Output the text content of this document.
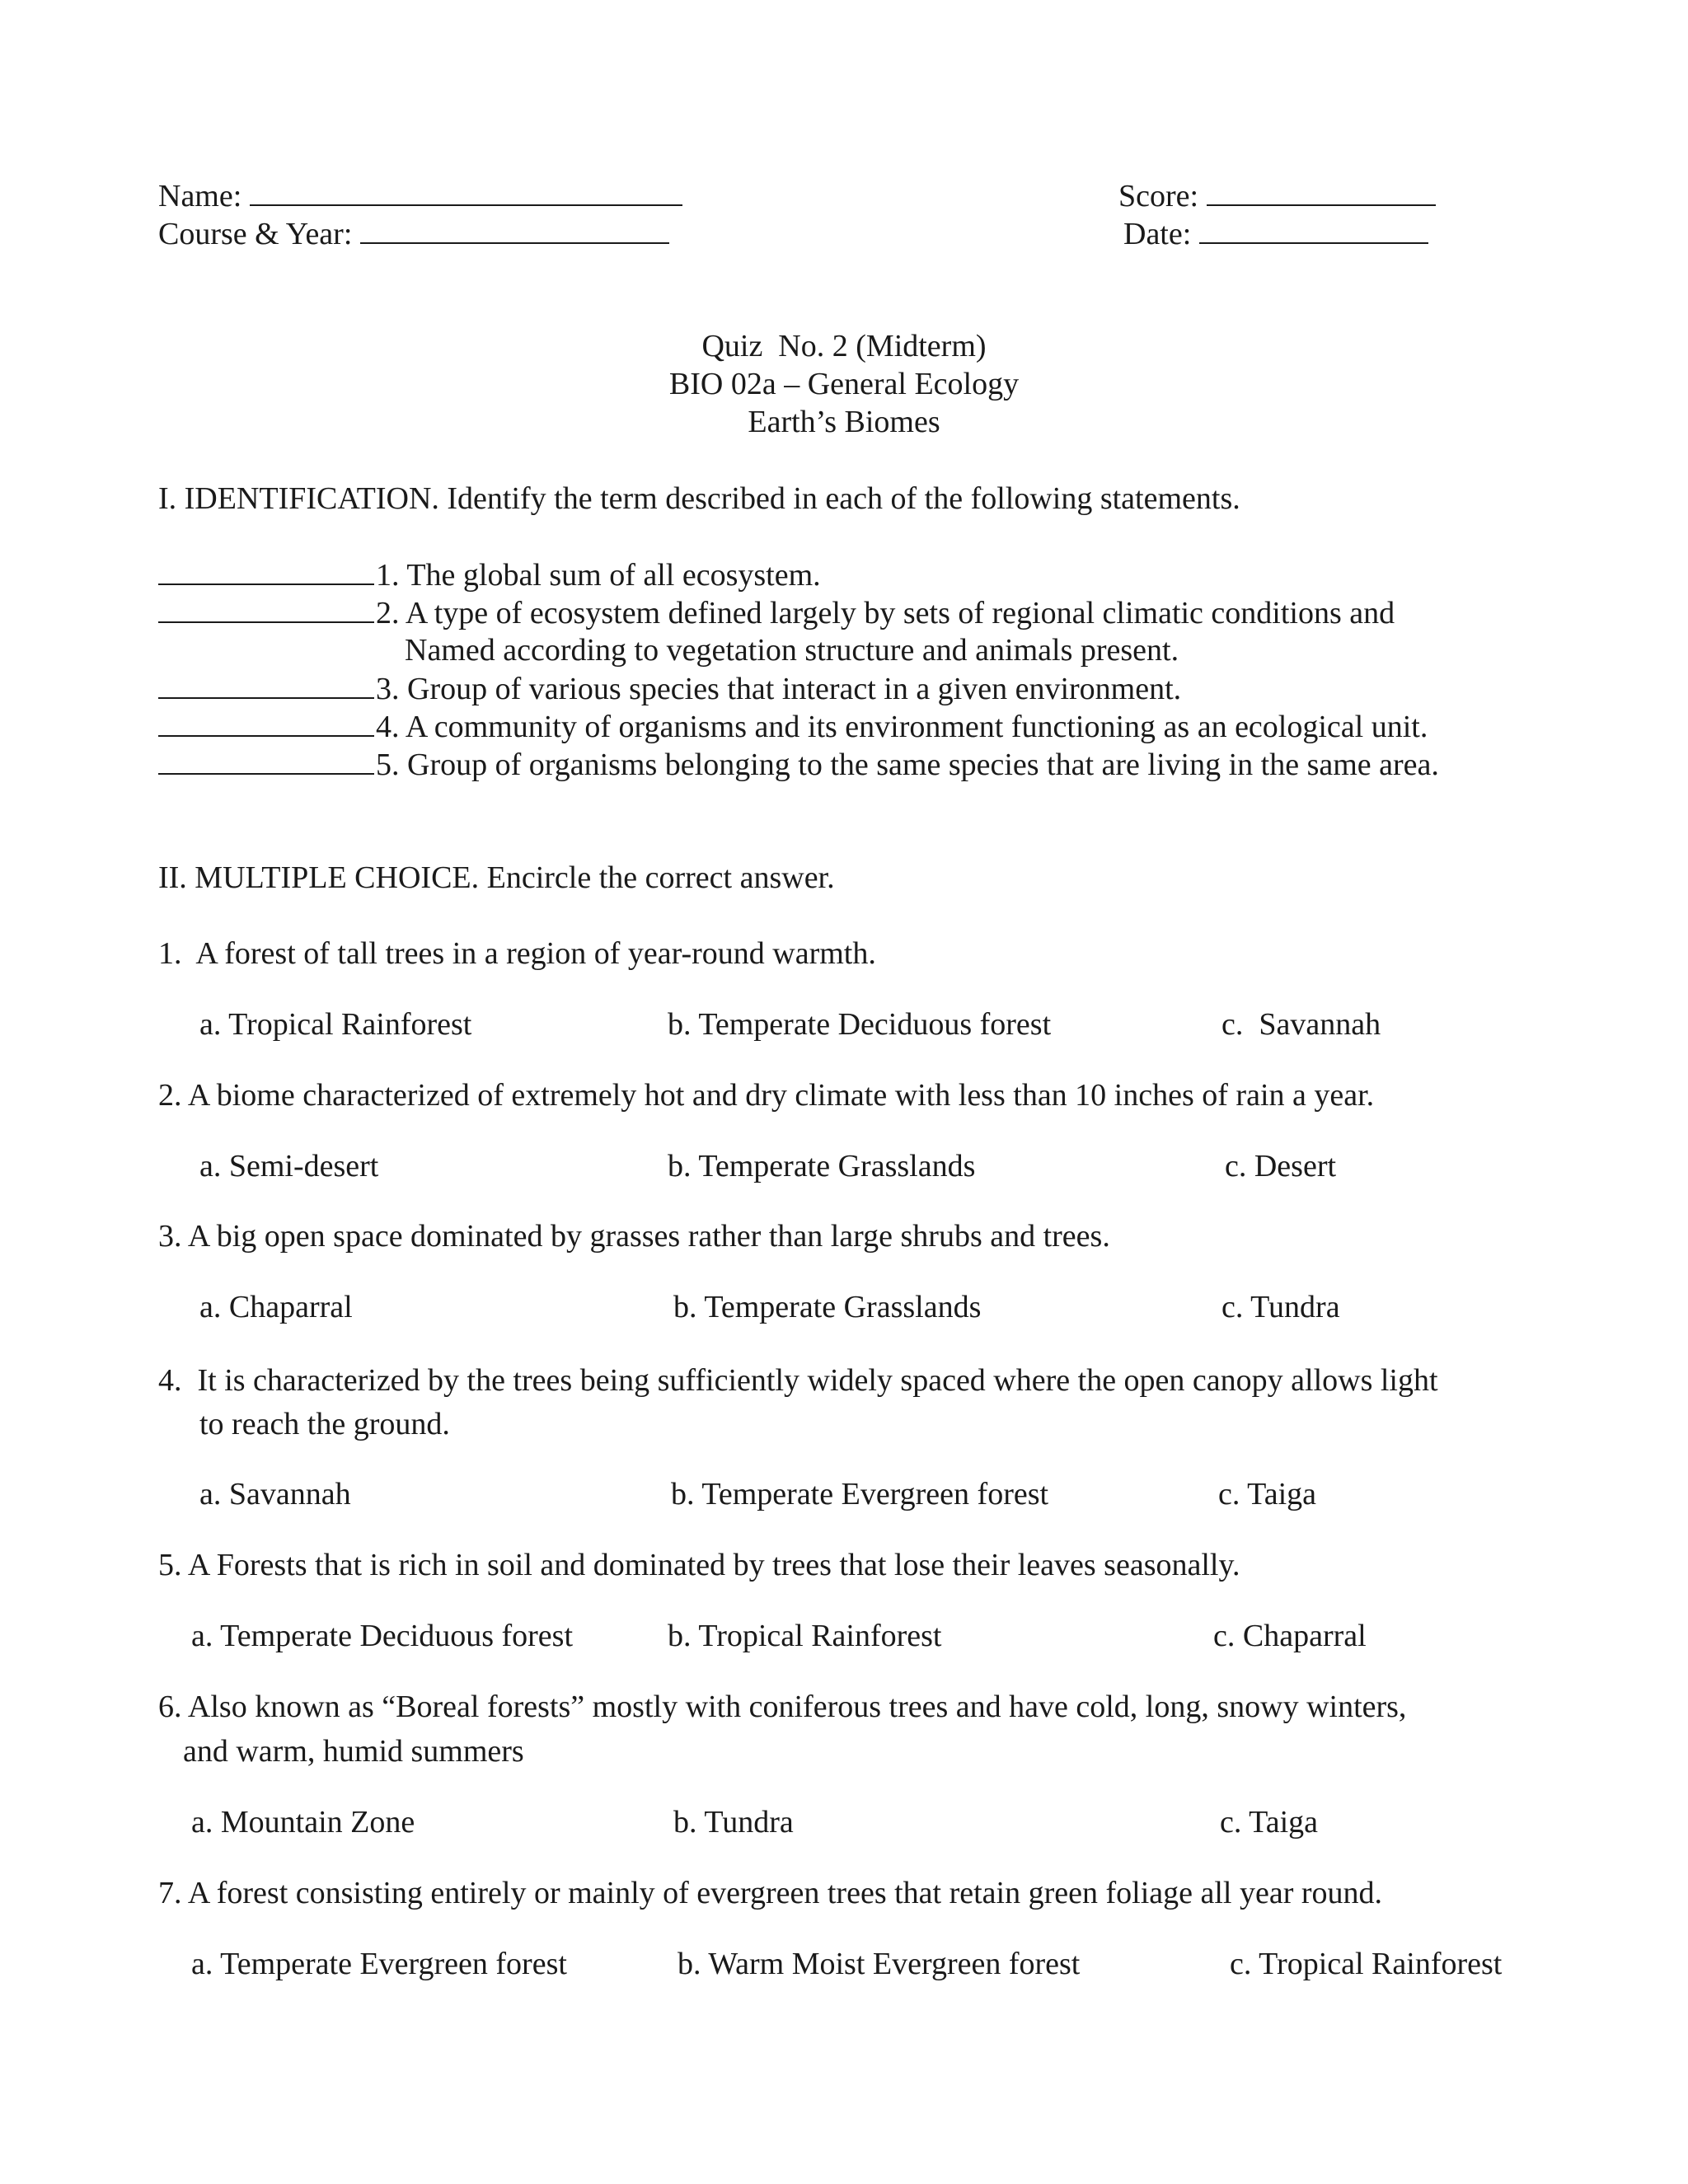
Name:
Course & Year:
Score:
Date:
Quiz  No. 2 (Midterm)
BIO 02a – General Ecology
Earth’s Biomes
I. IDENTIFICATION. Identify the term described in each of the following statements.
1. The global sum of all ecosystem.
2. A type of ecosystem defined largely by sets of regional climatic conditions and
Named according to vegetation structure and animals present.
3. Group of various species that interact in a given environment.
4. A community of organisms and its environment functioning as an ecological unit.
5. Group of organisms belonging to the same species that are living in the same area.
II. MULTIPLE CHOICE. Encircle the correct answer.
1.  A forest of tall trees in a region of year-round warmth.
a. Tropical Rainforest	b. Temperate Deciduous forest	c.  Savannah
2. A biome characterized of extremely hot and dry climate with less than 10 inches of rain a year.
a. Semi-desert	b. Temperate Grasslands	c. Desert
3. A big open space dominated by grasses rather than large shrubs and trees.
a. Chaparral	b. Temperate Grasslands	c. Tundra
4.  It is characterized by the trees being sufficiently widely spaced where the open canopy allows light
to reach the ground.
a. Savannah	b. Temperate Evergreen forest	c. Taiga
5. A Forests that is rich in soil and dominated by trees that lose their leaves seasonally.
a. Temperate Deciduous forest	b. Tropical Rainforest	c. Chaparral
6. Also known as “Boreal forests” mostly with coniferous trees and have cold, long, snowy winters,
and warm, humid summers
a. Mountain Zone	b. Tundra	c. Taiga
7. A forest consisting entirely or mainly of evergreen trees that retain green foliage all year round.
a. Temperate Evergreen forest	b. Warm Moist Evergreen forest	c. Tropical Rainforest
